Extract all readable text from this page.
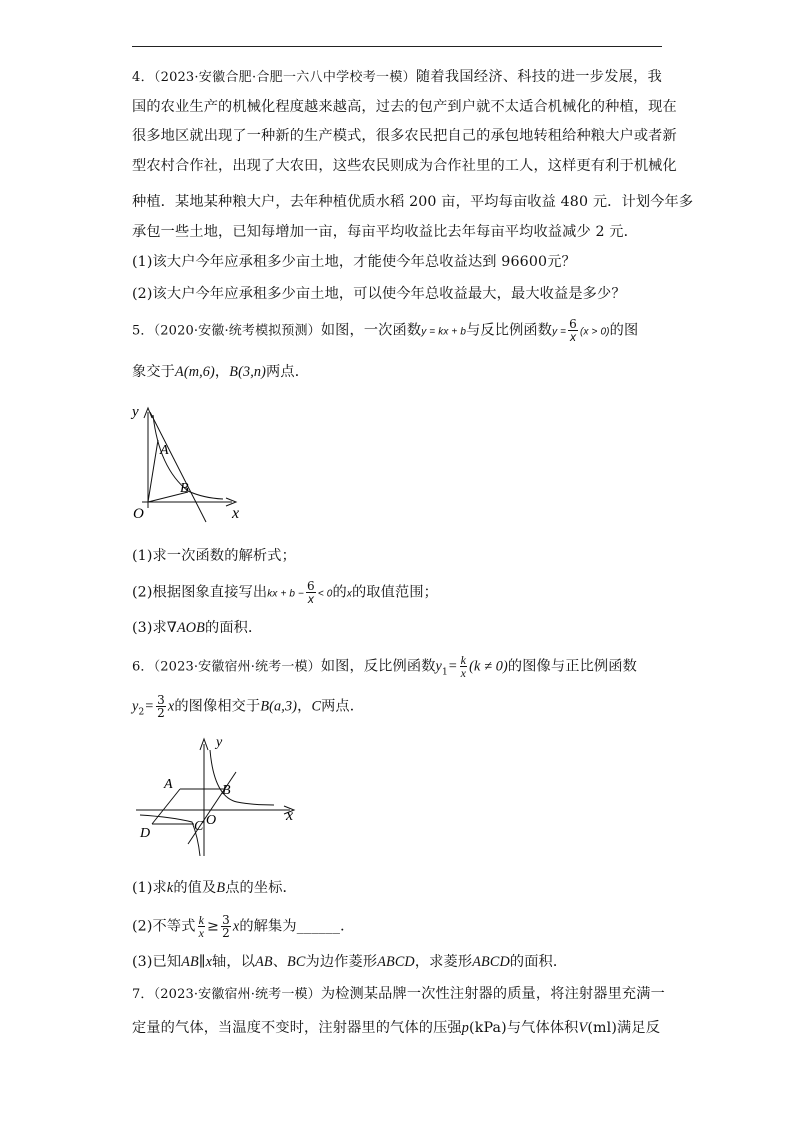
4．（2023·安徽合肥·合肥一六八中学校考一模）随着我国经济、科技的进一步发展，我
国的农业生产的机械化程度越来越高，过去的包产到户就不太适合机械化的种植，现在
很多地区就出现了一种新的生产模式，很多农民把自己的承包地转租给种粮大户或者新
型农村合作社，出现了大农田，这些农民则成为合作社里的工人，这样更有利于机械化
种植．某地某种粮大户，去年种植优质水稻 200 亩，平均每亩收益 480 元．计划今年多
承包一些土地，已知每增加一亩，每亩平均收益比去年每亩平均收益减少 2 元．
(1)该大户今年应承租多少亩土地，才能使今年总收益达到 96600元？
(2)该大户今年应承租多少亩土地，可以使今年总收益最大，最大收益是多少？
5．（2020·安徽·统考模拟预测）如图，一次函数y = kx + b与反比例函数$y = \frac{6}{x} (x > 0)$的图
象交于A(m,6)，B(3,n)两点．
y
x
A
B
O
(1)求一次函数的解析式；
(2)根据图象直接写出kx + $b - \frac{6}{x} < 0$的x的取值范围；
(3)求∇AOB的面积．
6．（2023·安徽宿州·统考一模）如图，反比例函数$y_1= \frac{k}{x} (k \ne 0)$的图像与正比例函数
$y_2= \frac{3}{2}$ x的图像相交于B(a,3)，C两点．
y
x
A	B
O
C
D
(1)求k的值及B点的坐标．
(2)不等式 $\frac{k}{x} \ge \frac{3}{2}$ x的解集为______．
(3)已知AB∥x轴，以AB、BC为边作菱形ABCD，求菱形ABCD的面积．
7．（2023·安徽宿州·统考一模）为检测某品牌一次性注射器的质量，将注射器里充满一
定量的气体，当温度不变时，注射器里的气体的压强p(kPa)与气体体积V(ml)满足反
